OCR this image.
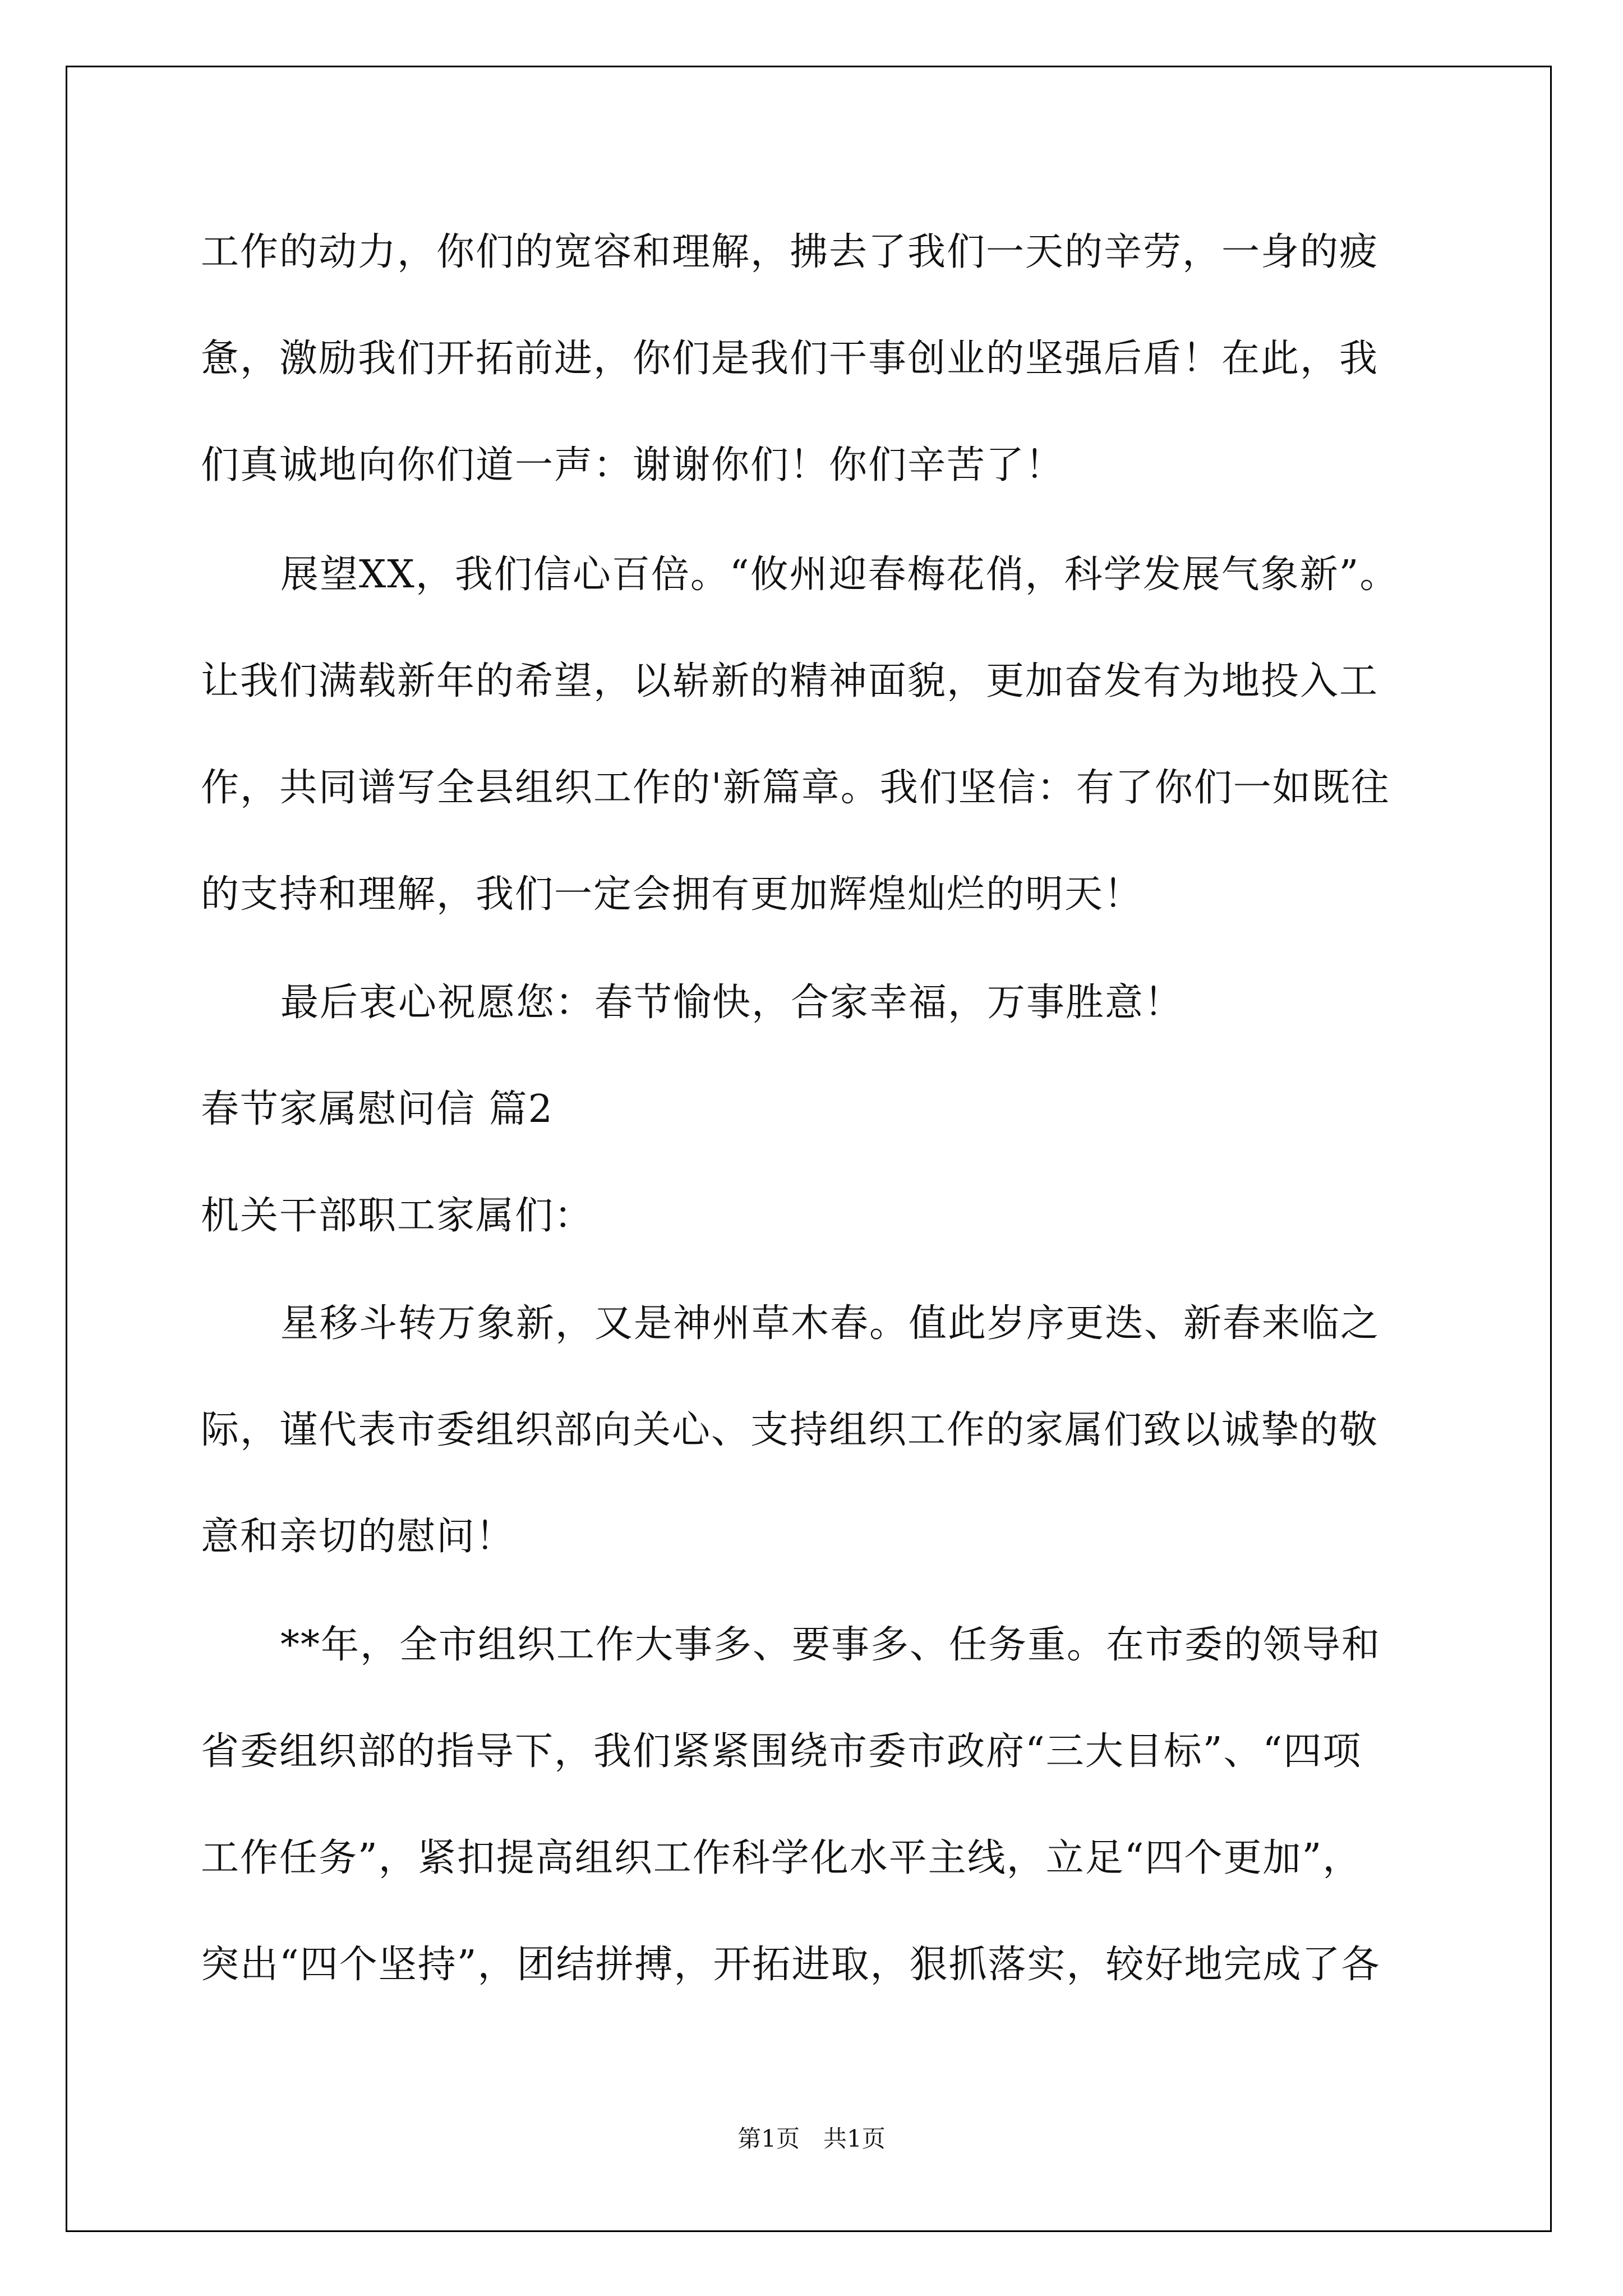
工作的动力，你们的宽容和理解，拂去了我们一天的辛劳，一身的疲
惫，激励我们开拓前进，你们是我们干事创业的坚强后盾！在此，我
们真诚地向你们道一声：谢谢你们！你们辛苦了！
展望XX，我们信心百倍。“攸州迎春梅花俏，科学发展气象新”。
让我们满载新年的希望，以崭新的精神面貌，更加奋发有为地投入工
作，共同谱写全县组织工作的'新篇章。我们坚信：有了你们一如既往
的支持和理解，我们一定会拥有更加辉煌灿烂的明天！
最后衷心祝愿您：春节愉快，合家幸福，万事胜意！
春节家属慰问信 篇2
机关干部职工家属们：
星移斗转万象新，又是神州草木春。值此岁序更迭、新春来临之
际，谨代表市委组织部向关心、支持组织工作的家属们致以诚挚的敬
意和亲切的慰问！
**年，全市组织工作大事多、要事多、任务重。在市委的领导和
省委组织部的指导下，我们紧紧围绕市委市政府“三大目标”、“四项
工作任务”，紧扣提高组织工作科学化水平主线，立足“四个更加”，
突出“四个坚持”，团结拼搏，开拓进取，狠抓落实，较好地完成了各
第1页　共1页
